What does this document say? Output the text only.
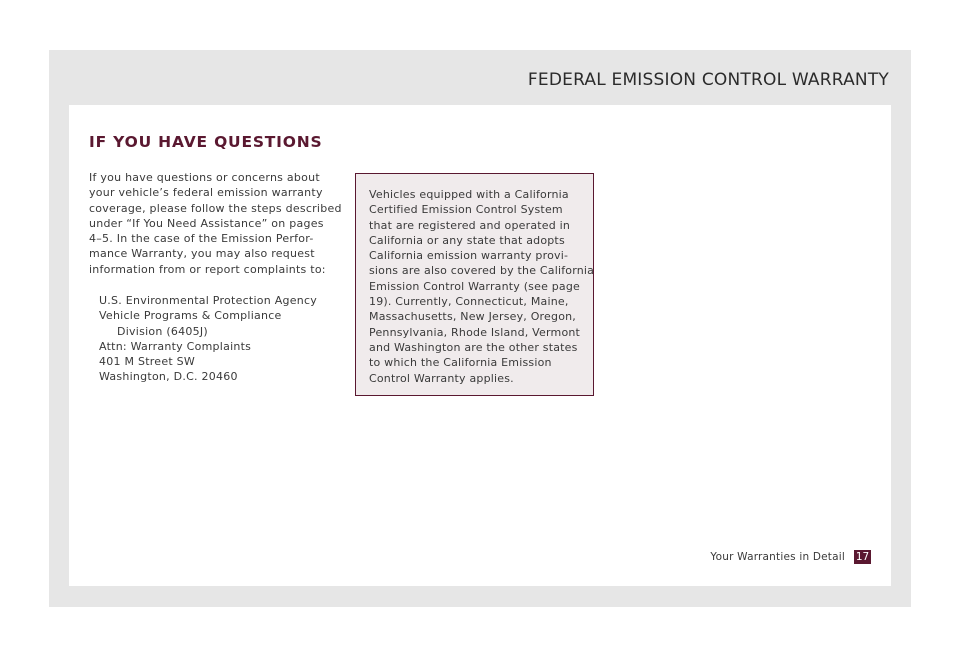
FEDERAL EMISSION CONTROL WARRANTY
IF YOU HAVE QUESTIONS
If you have questions or concerns about
your vehicle’s federal emission warranty
coverage, please follow the steps described
under “If You Need Assistance” on pages
4–5. In the case of the Emission Perfor-
mance Warranty, you may also request
information from or report complaints to:
U.S. Environmental Protection Agency
Vehicle Programs & Compliance
Division (6405J)
Attn: Warranty Complaints
401 M Street SW
Washington, D.C. 20460
Vehicles equipped with a California
Certified Emission Control System
that are registered and operated in
California or any state that adopts
California emission warranty provi-
sions are also covered by the California
Emission Control Warranty (see page
19). Currently, Connecticut, Maine,
Massachusetts, New Jersey, Oregon,
Pennsylvania, Rhode Island, Vermont
and Washington are the other states
to which the California Emission
Control Warranty applies.
Your Warranties in Detail 17
